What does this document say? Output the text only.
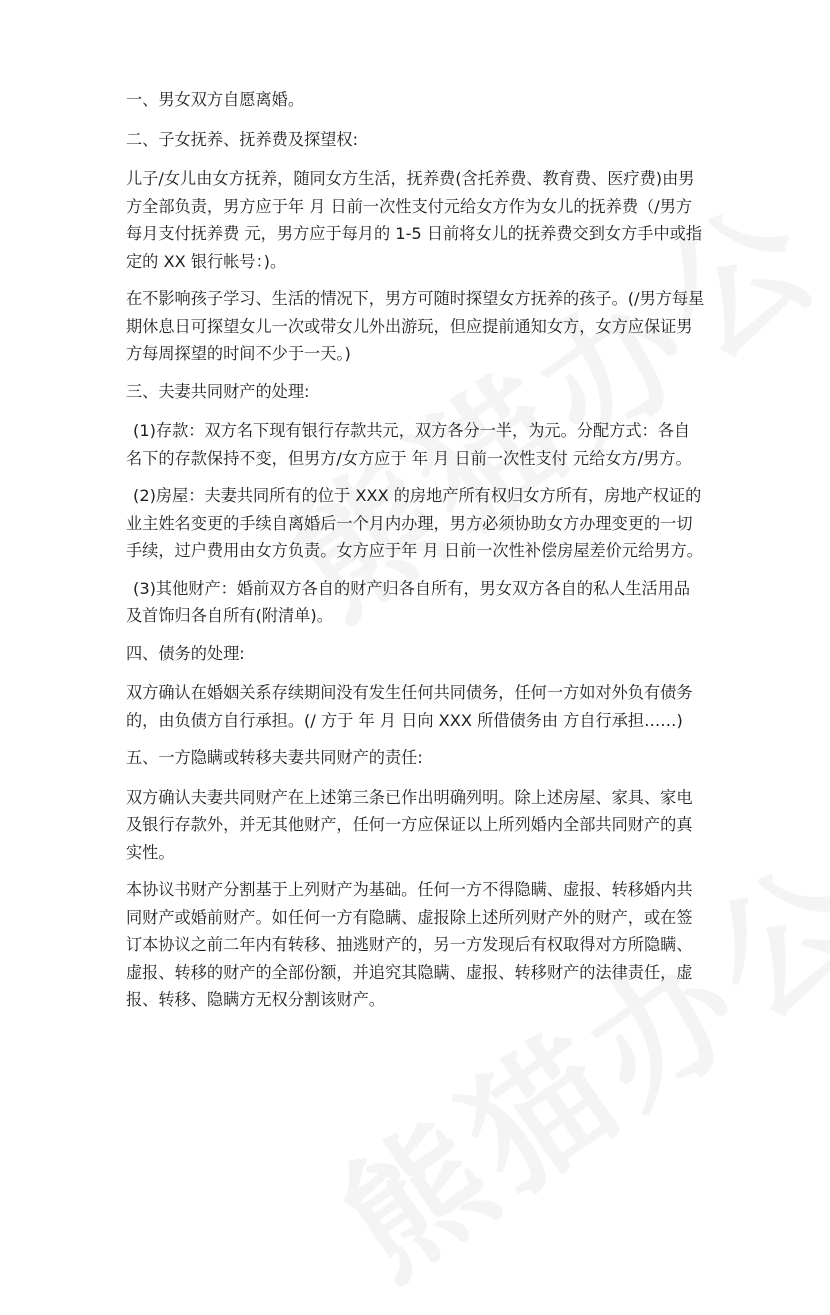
一、男女双方自愿离婚。

二、子女抚养、抚养费及探望权:

儿子/女儿由女方抚养，随同女方生活，抚养费(含托养费、教育费、医疗费)由男方全部负责，男方应于年 月 日前一次性支付元给女方作为女儿的抚养费（/男方每月支付抚养费 元，男方应于每月的 1-5 日前将女儿的抚养费交到女方手中或指定的 XX 银行帐号：)。

在不影响孩子学习、生活的情况下，男方可随时探望女方抚养的孩子。(/男方每星期休息日可探望女儿一次或带女儿外出游玩，但应提前通知女方，女方应保证男方每周探望的时间不少于一天。)

三、夫妻共同财产的处理:

(1)存款：双方名下现有银行存款共元，双方各分一半，为元。分配方式：各自名下的存款保持不变，但男方/女方应于 年 月 日前一次性支付 元给女方/男方。

(2)房屋：夫妻共同所有的位于 XXX 的房地产所有权归女方所有，房地产权证的业主姓名变更的手续自离婚后一个月内办理，男方必须协助女方办理变更的一切手续，过户费用由女方负责。女方应于年 月 日前一次性补偿房屋差价元给男方。

(3)其他财产：婚前双方各自的财产归各自所有，男女双方各自的私人生活用品及首饰归各自所有(附清单)。

四、债务的处理:

双方确认在婚姻关系存续期间没有发生任何共同债务，任何一方如对外负有债务的，由负债方自行承担。(/ 方于 年 月 日向 XXX 所借债务由 方自行承担……)

五、一方隐瞒或转移夫妻共同财产的责任:

双方确认夫妻共同财产在上述第三条已作出明确列明。除上述房屋、家具、家电及银行存款外，并无其他财产，任何一方应保证以上所列婚内全部共同财产的真实性。

本协议书财产分割基于上列财产为基础。任何一方不得隐瞒、虚报、转移婚内共同财产或婚前财产。如任何一方有隐瞒、虚报除上述所列财产外的财产，或在签订本协议之前二年内有转移、抽逃财产的，另一方发现后有权取得对方所隐瞒、虚报、转移的财产的全部份额，并追究其隐瞒、虚报、转移财产的法律责任，虚报、转移、隐瞒方无权分割该财产。
